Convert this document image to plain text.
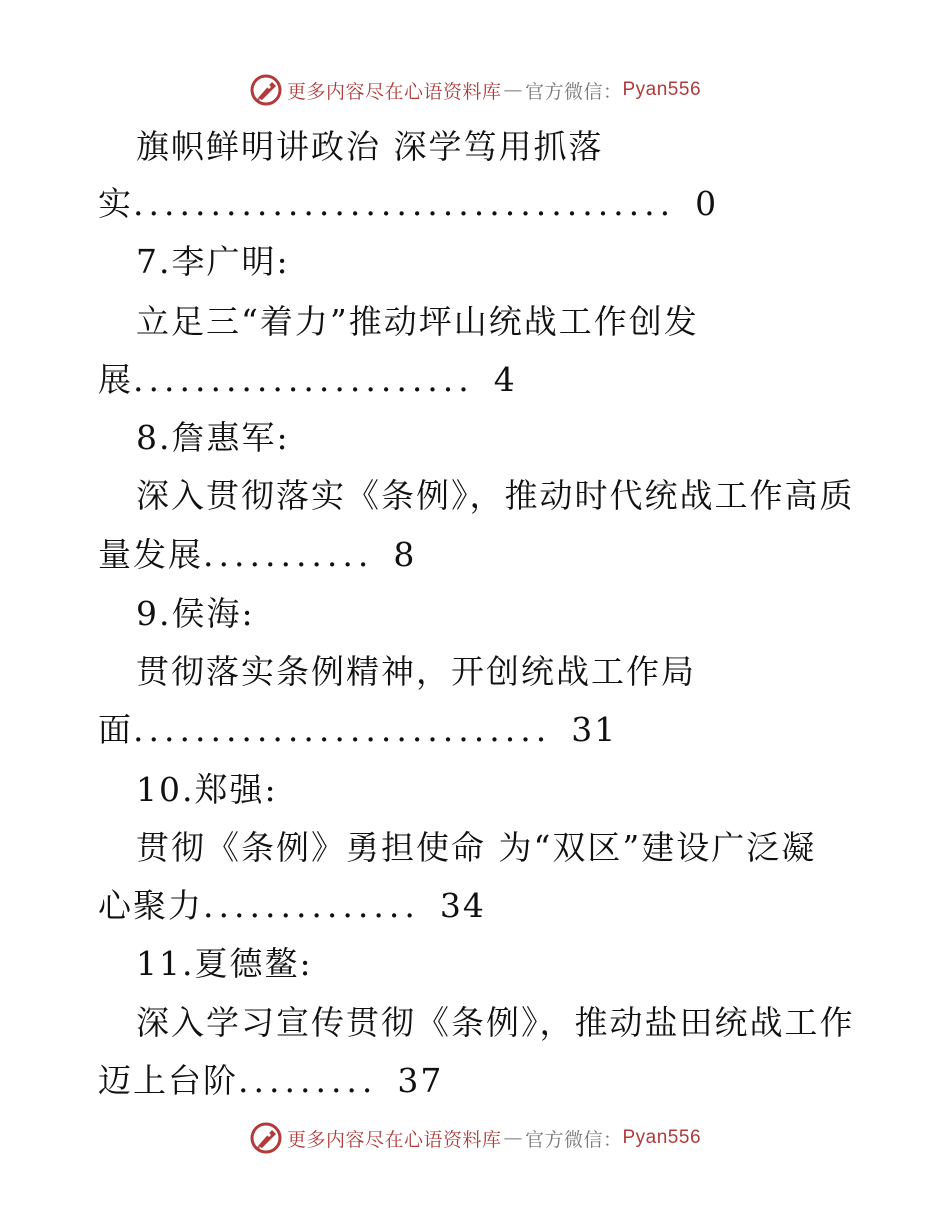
更多内容尽在心语资料库 — 官方微信： Pyan556
旗帜鲜明讲政治 深学笃用抓落
实................................... 0
7.李广明:
立足三“着力”推动坪山统战工作创发
展...................... 4
8.詹惠军:
深入贯彻落实《条例》，推动时代统战工作高质
量发展........... 8
9.侯海:
贯彻落实条例精神，开创统战工作局
面........................... 31
10.郑强:
贯彻《条例》勇担使命 为“双区”建设广泛凝
心聚力.............. 34
11.夏德鳌:
深入学习宣传贯彻《条例》，推动盐田统战工作
迈上台阶......... 37
更多内容尽在心语资料库 — 官方微信： Pyan556
